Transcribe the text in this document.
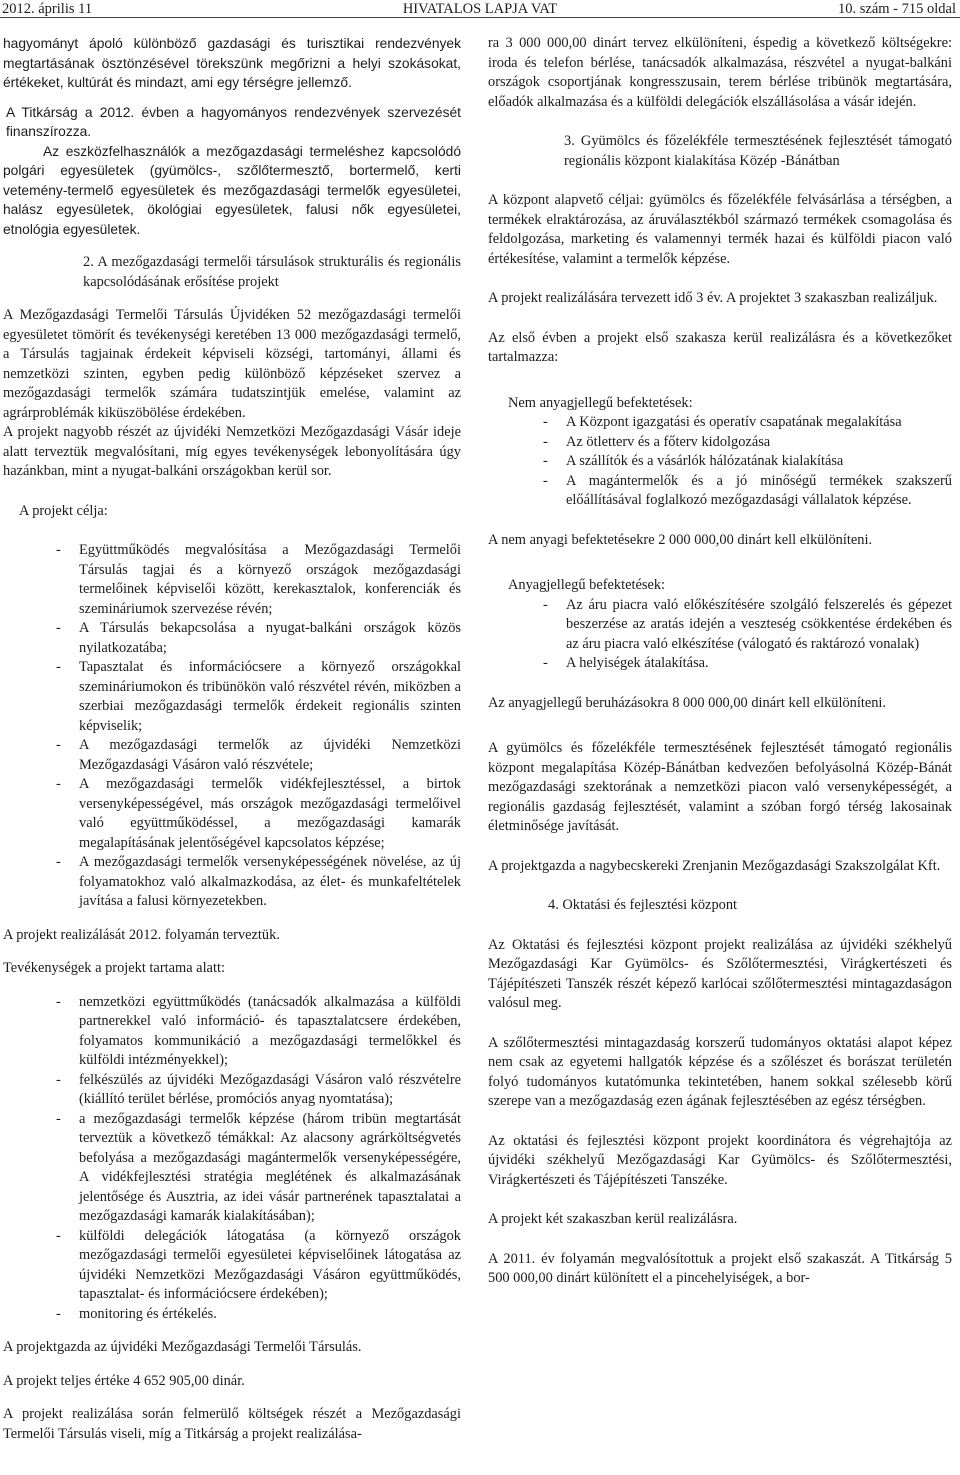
2012. április 11	HIVATALOS LAPJA VAT	10. szám - 715 oldal

hagyományt ápoló különböző gazdasági és turisztikai rendezvények megtartásának ösztönzésével törekszünk megőrizni a helyi szokásokat, értékeket, kultúrát és mindazt, ami egy térségre jellemző.

A Titkárság a 2012. évben a hagyományos rendezvények szervezését finanszírozza.

Az eszközfelhasználók a mezőgazdasági termeléshez kapcsolódó polgári egyesületek (gyümölcs-, szőlőtermesztő, bortermelő, kerti vetemény-termelő egyesületek és mezőgazdasági termelők egyesületei, halász egyesületek, ökológiai egyesületek, falusi nők egyesületei, etnológia egyesületek.

2. A mezőgazdasági termelői társulások strukturális és regionális kapcsolódásának erősítése projekt

A Mezőgazdasági Termelői Társulás Újvidéken 52 mezőgazdasági termelői egyesületet tömörít és tevékenységi keretében 13 000 mezőgazdasági termelő, a Társulás tagjainak érdekeit képviseli községi, tartományi, állami és nemzetközi szinten, egyben pedig különböző képzéseket szervez a mezőgazdasági termelők számára tudatszintjük emelése, valamint az agrárproblémák kiküszöbölése érdekében.

A projekt nagyobb részét az újvidéki Nemzetközi Mezőgazdasági Vásár ideje alatt terveztük megvalósítani, míg egyes tevékenységek lebonyolítására úgy hazánkban, mint a nyugat-balkáni országokban kerül sor.

A projekt célja:

- Együttműködés megvalósítása a Mezőgazdasági Termelői Társulás tagjai és a környező országok mezőgazdasági termelőinek képviselői között, kerekasztalok, konferenciák és szemináriumok szervezése révén;
- A Társulás bekapcsolása a nyugat-balkáni országok közös nyilatkozatába;
- Tapasztalat és információcsere a környező országokkal szemináriumokon és tribünökön való részvétel révén, miközben a szerbiai mezőgazdasági termelők érdekeit regionális szinten képviselik;
- A mezőgazdasági termelők az újvidéki Nemzetközi Mezőgazdasági Vásáron való részvétele;
- A mezőgazdasági termelők vidékfejlesztéssel, a birtok versenyképességével, más országok mezőgazdasági termelőivel való együttműködéssel, a mezőgazdasági kamarák megalapításának jelentőségével kapcsolatos képzése;
- A mezőgazdasági termelők versenyképességének növelése, az új folyamatokhoz való alkalmazkodása, az élet- és munkafeltételek javítása a falusi környezetekben.

A projekt realizálását 2012. folyamán terveztük.

Tevékenységek a projekt tartama alatt:

- nemzetközi együttműködés (tanácsadók alkalmazása a külföldi partnerekkel való információ- és tapasztalatcsere érdekében, folyamatos kommunikáció a mezőgazdasági termelőkkel és külföldi intézményekkel);
- felkészülés az újvidéki Mezőgazdasági Vásáron való részvételre (kiállító terület bérlése, promóciós anyag nyomtatása);
- a mezőgazdasági termelők képzése (három tribün megtartását terveztük a következő témákkal: Az alacsony agrárköltségvetés befolyása a mezőgazdasági magántermelők versenyképességére, A vidékfejlesztési stratégia meglétének és alkalmazásának jelentősége és Ausztria, az idei vásár partnerének tapasztalatai a mezőgazdasági kamarák kialakításában);
- külföldi delegációk látogatása (a környező országok mezőgazdasági termelői egyesületei képviselőinek látogatása az újvidéki Nemzetközi Mezőgazdasági Vásáron együttműködés, tapasztalat- és információcsere érdekében);
- monitoring és értékelés.

A projektgazda az újvidéki Mezőgazdasági Termelői Társulás.

A projekt teljes értéke 4 652 905,00 dinár.

A projekt realizálása során felmerülő költségek részét a Mezőgazdasági Termelői Társulás viseli, míg a Titkárság a projekt realizálása-

ra 3 000 000,00 dinárt tervez elkülöníteni, éspedig a következő költségekre: iroda és telefon bérlése, tanácsadók alkalmazása, részvétel a nyugat-balkáni országok csoportjának kongresszusain, terem bérlése tribünök megtartására, előadók alkalmazása és a külföldi delegációk elszállásolása a vásár idején.

3. Gyümölcs és főzelékféle termesztésének fejlesztését támogató regionális központ kialakítása Közép -Bánátban

A központ alapvető céljai: gyümölcs és főzelékféle felvásárlása a térségben, a termékek elraktározása, az áruválasztékból származó termékek csomagolása és feldolgozása, marketing és valamennyi termék hazai és külföldi piacon való értékesítése, valamint a termelők képzése.

A projekt realizálására tervezett idő 3 év. A projektet 3 szakaszban realizáljuk.

Az első évben a projekt első szakasza kerül realizálásra és a következőket tartalmazza:

Nem anyagjellegű befektetések:

- A Központ igazgatási és operatív csapatának megalakítása
- Az ötletterv és a főterv kidolgozása
- A szállítók és a vásárlók hálózatának kialakítása
- A magántermelők és a jó minőségű termékek szakszerű előállításával foglalkozó mezőgazdasági vállalatok képzése.

A nem anyagi befektetésekre 2 000 000,00 dinárt kell elkülöníteni.

Anyagjellegű befektetések:

- Az áru piacra való előkészítésére szolgáló felszerelés és gépezet beszerzése az aratás idején a veszteség csökkentése érdekében és az áru piacra való elkészítése (válogató és raktározó vonalak)
- A helyiségek átalakítása.

Az anyagjellegű beruházásokra 8 000 000,00 dinárt kell elkülöníteni.

A gyümölcs és főzelékféle termesztésének fejlesztését támogató regionális központ megalapítása Közép-Bánátban kedvezően befolyásolná Közép-Bánát mezőgazdasági szektorának a nemzetközi piacon való versenyképességét, a regionális gazdaság fejlesztését, valamint a szóban forgó térség lakosainak életminősége javítását.

A projektgazda a nagybecskereki Zrenjanin Mezőgazdasági Szakszolgálat Kft.

4. Oktatási és fejlesztési központ

Az Oktatási és fejlesztési központ projekt realizálása az újvidéki székhelyű Mezőgazdasági Kar Gyümölcs- és Szőlőtermesztési, Virágkertészeti és Tájépítészeti Tanszék részét képező karlócai szőlőtermesztési mintagazdaságon valósul meg.

A szőlőtermesztési mintagazdaság korszerű tudományos oktatási alapot képez nem csak az egyetemi hallgatók képzése és a szőlészet és borászat területén folyó tudományos kutatómunka tekintetében, hanem sokkal szélesebb körű szerepe van a mezőgazdaság ezen ágának fejlesztésében az egész térségben.

Az oktatási és fejlesztési központ projekt koordinátora és végrehajtója az újvidéki székhelyű Mezőgazdasági Kar Gyümölcs- és Szőlőtermesztési, Virágkertészeti és Tájépítészeti Tanszéke.

A projekt két szakaszban kerül realizálásra.

A 2011. év folyamán megvalósítottuk a projekt első szakaszát. A Titkárság 5 500 000,00 dinárt különített el a pincehelyiségek, a bor-
